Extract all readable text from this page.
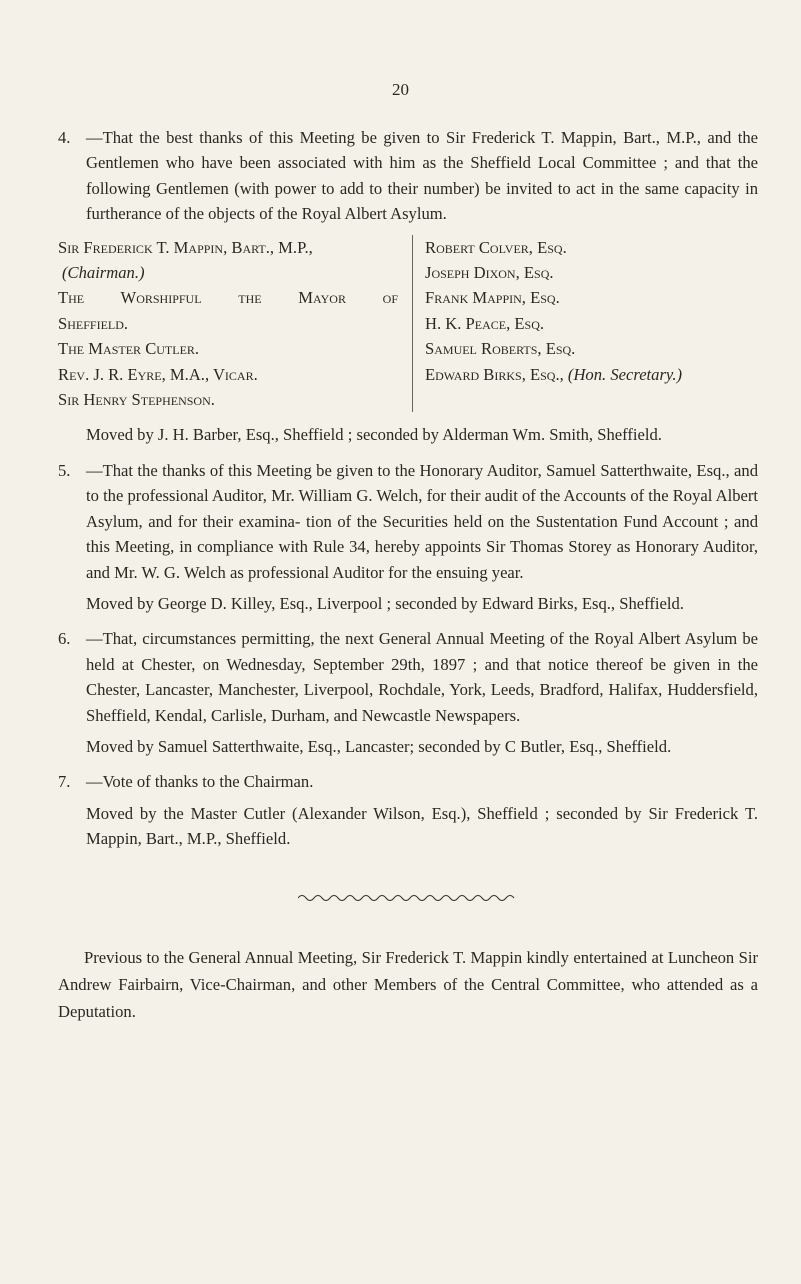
20

4. —That the best thanks of this Meeting be given to Sir Frederick T. Mappin, Bart., M.P., and the Gentlemen who have been associated with him as the Sheffield Local Committee ; and that the following Gentlemen (with power to add to their number) be invited to act in the same capacity in furtherance of the objects of the Royal Albert Asylum.

Sir Frederick T. Mappin, Bart., M.P.,
(Chairman.)
The Worshipful the Mayor of
Sheffield.
The Master Cutler.
Rev. J. R. Eyre, M.A., Vicar.
Sir Henry Stephenson.
Robert Colver, Esq.
Joseph Dixon, Esq.
Frank Mappin, Esq.
H. K. Peace, Esq.
Samuel Roberts, Esq.
Edward Birks, Esq., (Hon. Secretary.)

Moved by J. H. Barber, Esq., Sheffield ; seconded by Alderman Wm. Smith, Sheffield.

5. —That the thanks of this Meeting be given to the Honorary Auditor, Samuel Satterthwaite, Esq., and to the professional Auditor, Mr. William G. Welch, for their audit of the Accounts of the Royal Albert Asylum, and for their examina- tion of the Securities held on the Sustentation Fund Account ; and this Meeting, in compliance with Rule 34, hereby appoints Sir Thomas Storey as Honorary Auditor, and Mr. W. G. Welch as professional Auditor for the ensuing year.

Moved by George D. Killey, Esq., Liverpool ; seconded by Edward Birks, Esq., Sheffield.

6. —That, circumstances permitting, the next General Annual Meeting of the Royal Albert Asylum be held at Chester, on Wednesday, September 29th, 1897 ; and that notice thereof be given in the Chester, Lancaster, Manchester, Liverpool, Rochdale, York, Leeds, Bradford, Halifax, Huddersfield, Sheffield, Kendal, Carlisle, Durham, and Newcastle Newspapers.

Moved by Samuel Satterthwaite, Esq., Lancaster; seconded by C Butler, Esq., Sheffield.

7. —Vote of thanks to the Chairman.

Moved by the Master Cutler (Alexander Wilson, Esq.), Sheffield ; seconded by Sir Frederick T. Mappin, Bart., M.P., Sheffield.

Previous to the General Annual Meeting, Sir Frederick T. Mappin kindly entertained at Luncheon Sir Andrew Fairbairn, Vice-Chairman, and other Members of the Central Committee, who attended as a Deputation.
